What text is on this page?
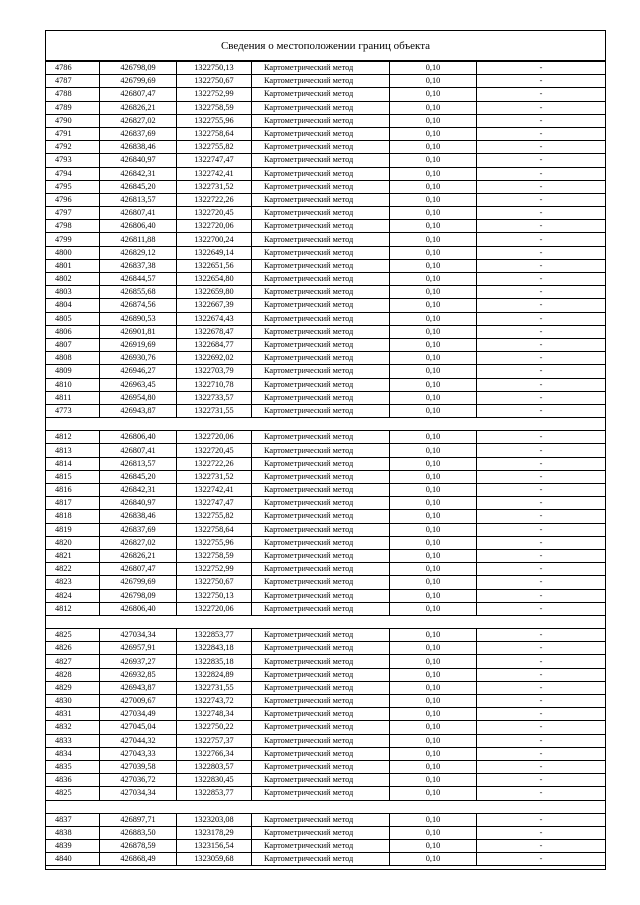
Сведения о местоположении границ объекта
4786	426798,09	1322750,13	Картометрический метод	0,10	-
4787	426799,69	1322750,67	Картометрический метод	0,10	-
4788	426807,47	1322752,99	Картометрический метод	0,10	-
4789	426826,21	1322758,59	Картометрический метод	0,10	-
4790	426827,02	1322755,96	Картометрический метод	0,10	-
4791	426837,69	1322758,64	Картометрический метод	0,10	-
4792	426838,46	1322755,82	Картометрический метод	0,10	-
4793	426840,97	1322747,47	Картометрический метод	0,10	-
4794	426842,31	1322742,41	Картометрический метод	0,10	-
4795	426845,20	1322731,52	Картометрический метод	0,10	-
4796	426813,57	1322722,26	Картометрический метод	0,10	-
4797	426807,41	1322720,45	Картометрический метод	0,10	-
4798	426806,40	1322720,06	Картометрический метод	0,10	-
4799	426811,88	1322700,24	Картометрический метод	0,10	-
4800	426829,12	1322649,14	Картометрический метод	0,10	-
4801	426837,38	1322651,56	Картометрический метод	0,10	-
4802	426844,57	1322654,80	Картометрический метод	0,10	-
4803	426855,68	1322659,80	Картометрический метод	0,10	-
4804	426874,56	1322667,39	Картометрический метод	0,10	-
4805	426890,53	1322674,43	Картометрический метод	0,10	-
4806	426901,81	1322678,47	Картометрический метод	0,10	-
4807	426919,69	1322684,77	Картометрический метод	0,10	-
4808	426930,76	1322692,02	Картометрический метод	0,10	-
4809	426946,27	1322703,79	Картометрический метод	0,10	-
4810	426963,45	1322710,78	Картометрический метод	0,10	-
4811	426954,80	1322733,57	Картометрический метод	0,10	-
4773	426943,87	1322731,55	Картометрический метод	0,10	-

4812	426806,40	1322720,06	Картометрический метод	0,10	-
4813	426807,41	1322720,45	Картометрический метод	0,10	-
4814	426813,57	1322722,26	Картометрический метод	0,10	-
4815	426845,20	1322731,52	Картометрический метод	0,10	-
4816	426842,31	1322742,41	Картометрический метод	0,10	-
4817	426840,97	1322747,47	Картометрический метод	0,10	-
4818	426838,46	1322755,82	Картометрический метод	0,10	-
4819	426837,69	1322758,64	Картометрический метод	0,10	-
4820	426827,02	1322755,96	Картометрический метод	0,10	-
4821	426826,21	1322758,59	Картометрический метод	0,10	-
4822	426807,47	1322752,99	Картометрический метод	0,10	-
4823	426799,69	1322750,67	Картометрический метод	0,10	-
4824	426798,09	1322750,13	Картометрический метод	0,10	-
4812	426806,40	1322720,06	Картометрический метод	0,10	-

4825	427034,34	1322853,77	Картометрический метод	0,10	-
4826	426957,91	1322843,18	Картометрический метод	0,10	-
4827	426937,27	1322835,18	Картометрический метод	0,10	-
4828	426932,85	1322824,89	Картометрический метод	0,10	-
4829	426943,87	1322731,55	Картометрический метод	0,10	-
4830	427009,67	1322743,72	Картометрический метод	0,10	-
4831	427034,49	1322748,34	Картометрический метод	0,10	-
4832	427045,04	1322750,22	Картометрический метод	0,10	-
4833	427044,32	1322757,37	Картометрический метод	0,10	-
4834	427043,33	1322766,34	Картометрический метод	0,10	-
4835	427039,58	1322803,57	Картометрический метод	0,10	-
4836	427036,72	1322830,45	Картометрический метод	0,10	-
4825	427034,34	1322853,77	Картометрический метод	0,10	-

4837	426897,71	1323203,08	Картометрический метод	0,10	-
4838	426883,50	1323178,29	Картометрический метод	0,10	-
4839	426878,59	1323156,54	Картометрический метод	0,10	-
4840	426868,49	1323059,68	Картометрический метод	0,10	-
